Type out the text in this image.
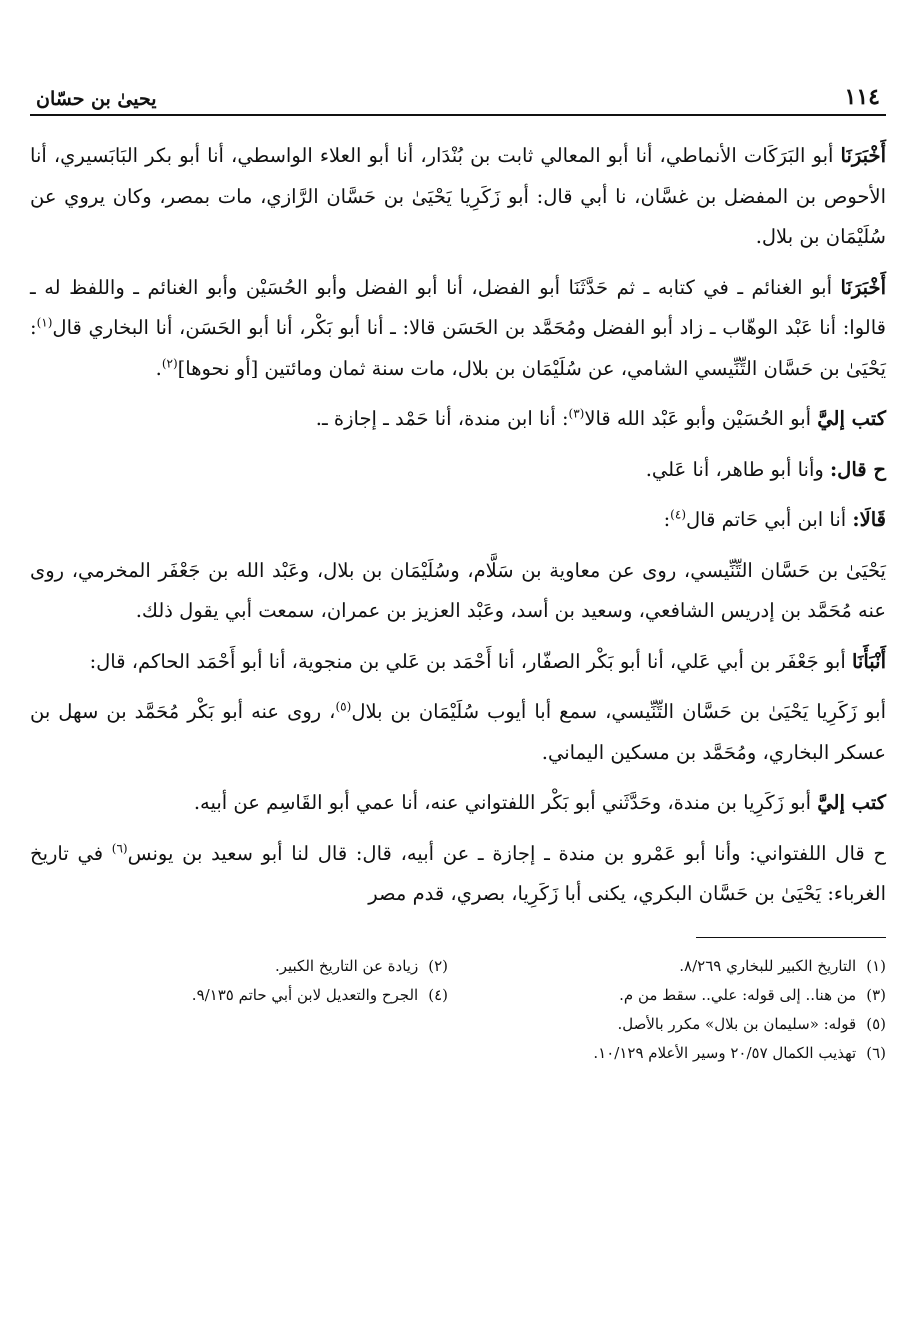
١١٤
يحيىٰ بن حسّان

أَخْبَرَنَا أبو البَرَكَات الأنماطي، أنا أبو المعالي ثابت بن بُنْدَار، أنا أبو العلاء الواسطي، أنا أبو بكر البَابَسيري، أنا الأحوص بن المفضل بن غسَّان، نا أبي قال: أبو زَكَرِيا يَحْيَىٰ بن حَسَّان الرَّازي، مات بمصر، وكان يروي عن سُلَيْمَان بن بلال.

أَخْبَرَنَا أبو الغنائم ـ في كتابه ـ ثم حَدَّثَنَا أبو الفضل، أنا أبو الفضل وأبو الحُسَيْن وأبو الغنائم ـ واللفظ له ـ قالوا: أنا عَبْد الوهّاب ـ زاد أبو الفضل ومُحَمَّد بن الحَسَن قالا: ـ أنا أبو بَكْر، أنا أبو الحَسَن، أنا البخاري قال$^{(١)}$: يَحْيَىٰ بن حَسَّان التِّنِّيسي الشامي، عن سُلَيْمَان بن بلال، مات سنة ثمان ومائتين [أو نحوها]$^{(٢)}$.

كتب إليَّ أبو الحُسَيْن وأبو عَبْد الله قالا$^{(٣)}$: أنا ابن مندة، أنا حَمْد ـ إجازة ـ.

ح قال: وأنا أبو طاهر، أنا عَلي.

قَالَا: أنا ابن أبي حَاتم قال$^{(٤)}$:

يَحْيَىٰ بن حَسَّان التِّنِّيسي، روى عن معاوية بن سَلَّام، وسُلَيْمَان بن بلال، وعَبْد الله بن جَعْفَر المخرمي، روى عنه مُحَمَّد بن إدريس الشافعي، وسعيد بن أسد، وعَبْد العزيز بن عمران، سمعت أبي يقول ذلك.

أَنْبَأَنَا أبو جَعْفَر بن أبي عَلي، أنا أبو بَكْر الصفّار، أنا أَحْمَد بن عَلي بن منجوية، أنا أبو أَحْمَد الحاكم، قال:

أبو زَكَرِيا يَحْيَىٰ بن حَسَّان التِّنِّيسي، سمع أبا أيوب سُلَيْمَان بن بلال$^{(٥)}$، روى عنه أبو بَكْر مُحَمَّد بن سهل بن عسكر البخاري، ومُحَمَّد بن مسكين اليماني.

كتب إليَّ أبو زَكَرِيا بن مندة، وحَدَّثَني أبو بَكْر اللفتواني عنه، أنا عمي أبو القَاسِم عن أبيه.

ح قال اللفتواني: وأنا أبو عَمْرو بن مندة ـ إجازة ـ عن أبيه، قال: قال لنا أبو سعيد بن يونس$^{(٦)}$ في تاريخ الغرباء: يَحْيَىٰ بن حَسَّان البكري، يكنى أبا زَكَرِيا، بصري، قدم مصر

(١)التاريخ الكبير للبخاري ٨/٢٦٩.
(٢)زيادة عن التاريخ الكبير.
(٣)من هنا.. إلى قوله: علي.. سقط من م.
(٤)الجرح والتعديل لابن أبي حاتم ٩/١٣٥.
(٥)قوله: «سليمان بن بلال» مكرر بالأصل.
(٦)تهذيب الكمال ٢٠/٥٧ وسير الأعلام ١٠/١٢٩.
